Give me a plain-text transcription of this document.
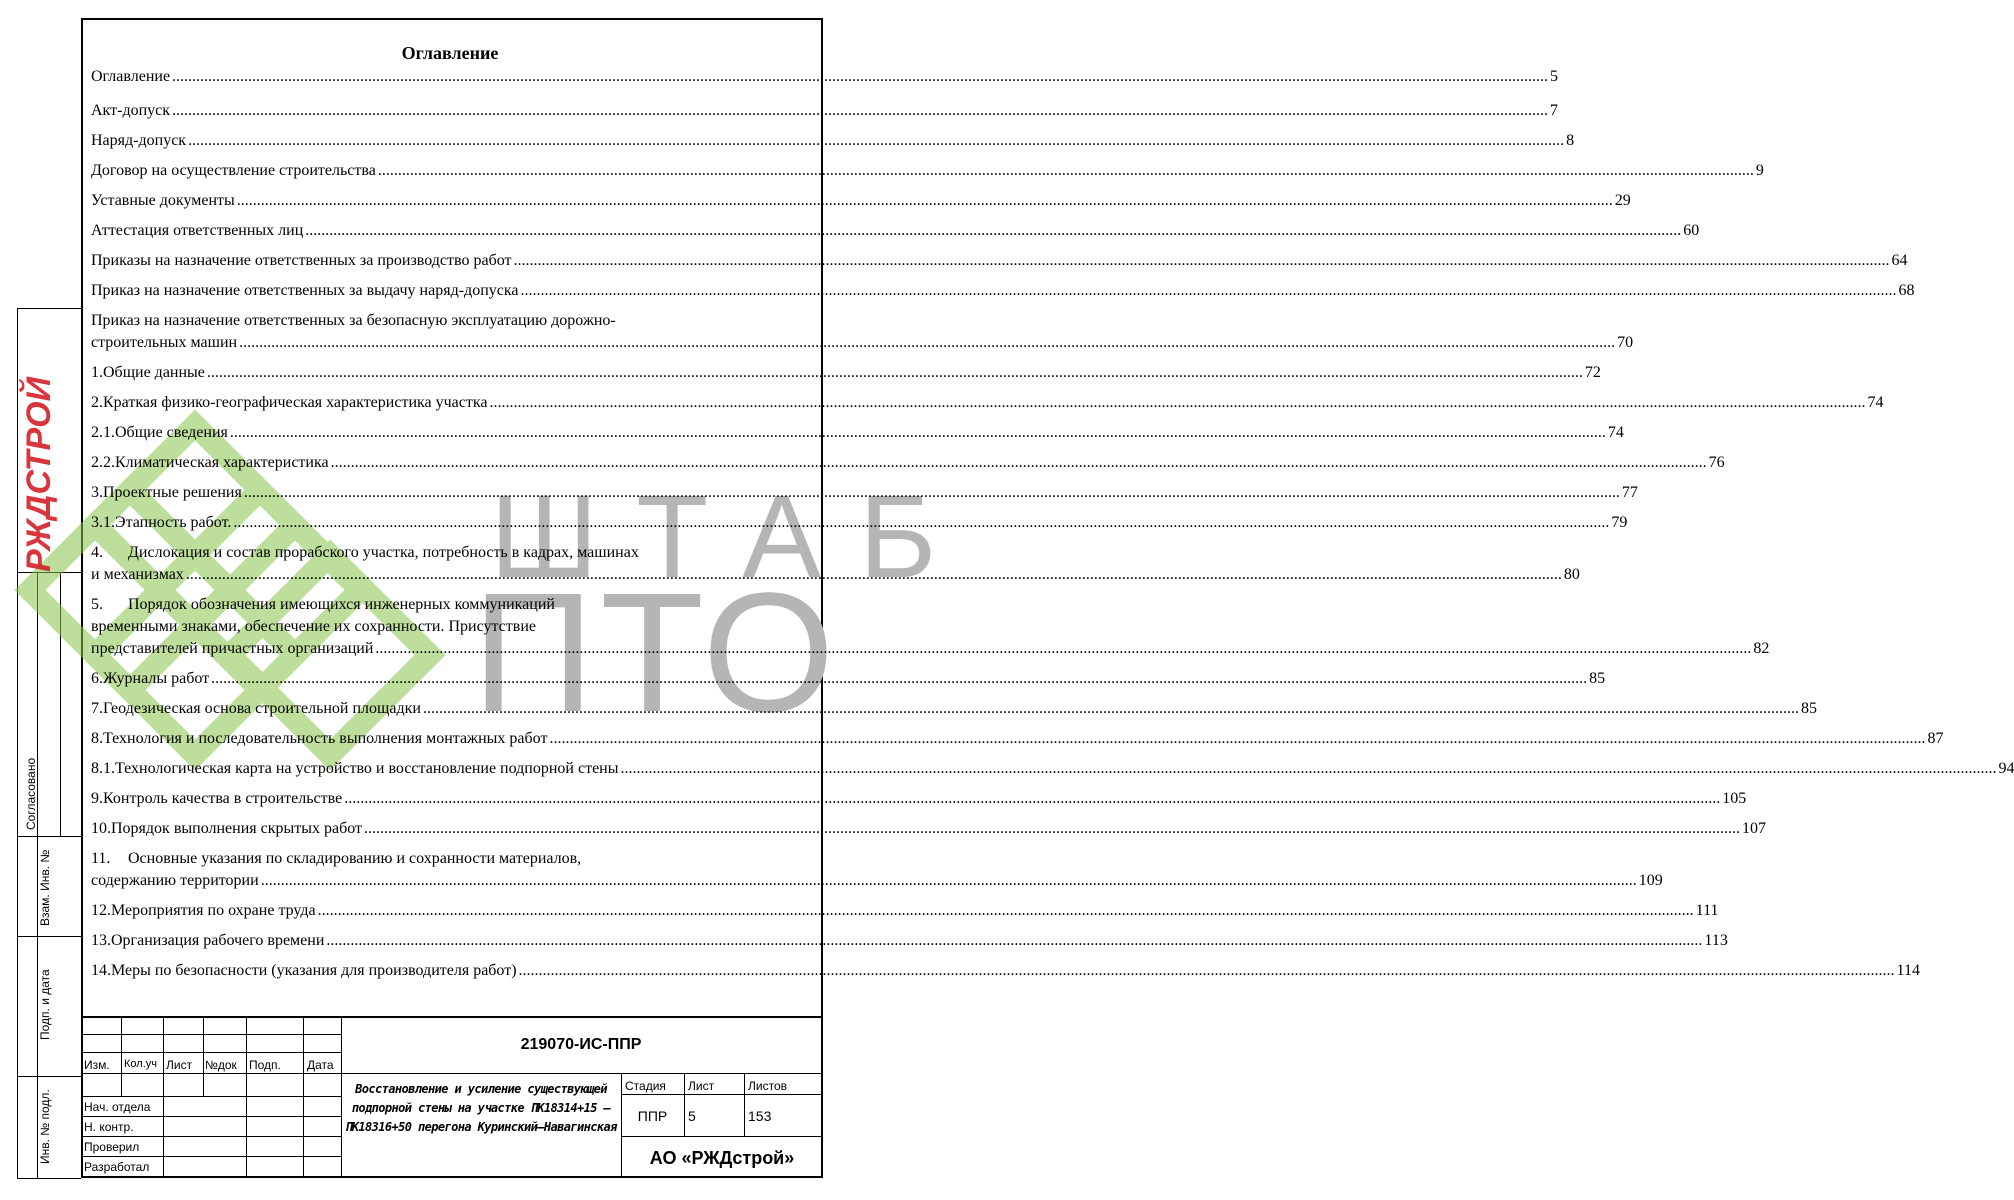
ШТАБ
ПТО
РЖДСТРОЙ
Согласовано
Взам. Инв. №
Подп. и дата
Инв. № подл.
Оглавление
Оглавление .....	5
Акт-допуск .....	7
Наряд-допуск .....	8
Договор на осуществление строительства .....	9
Уставные документы .....	29
Аттестация ответственных лиц .....	60
Приказы на назначение ответственных за производство работ .....	64
Приказ на назначение ответственных за выдачу наряд-допуска .....	68
Приказ на назначение ответственных за безопасную эксплуатацию дорожно-
строительных машин .....	70
1. Общие данные .....	72
2. Краткая физико-географическая характеристика участка .....	74
2.1. Общие сведения .....	74
2.2. Климатическая характеристика .....	76
3. Проектные решения .....	77
3.1. Этапность работ. .....	79
4. Дислокация и состав прорабского участка, потребность в кадрах, машинах
и механизмах .....	80
5. Порядок обозначения имеющихся инженерных коммуникаций
временными знаками, обеспечение их сохранности. Присутствие
представителей причастных организаций .....	82
6. Журналы работ .....	85
7. Геодезическая основа строительной площадки .....	85
8. Технология и последовательность выполнения монтажных работ .....	87
8.1. Технологическая карта на устройство и восстановление подпорной стены .....	94
9. Контроль качества в строительстве .....	105
10. Порядок выполнения скрытых работ .....	107
11. Основные указания по складированию и сохранности материалов,
содержанию территории .....	109
12. Мероприятия по охране труда .....	111
13. Организация рабочего времени .....	113
14. Меры по безопасности (указания для производителя работ) .....	114
Изм. Кол.уч Лист №док Подп. Дата
Нач. отдела
Н. контр.
Проверил
Разработал
219070-ИС-ППР
Восстановление и усиление существующей подпорной стены на участке ПК18314+15 – ПК18316+50 перегона Куринский–Навагинская
Стадия Лист	Листов
ППР	5	153
АО «РЖДстрой»
